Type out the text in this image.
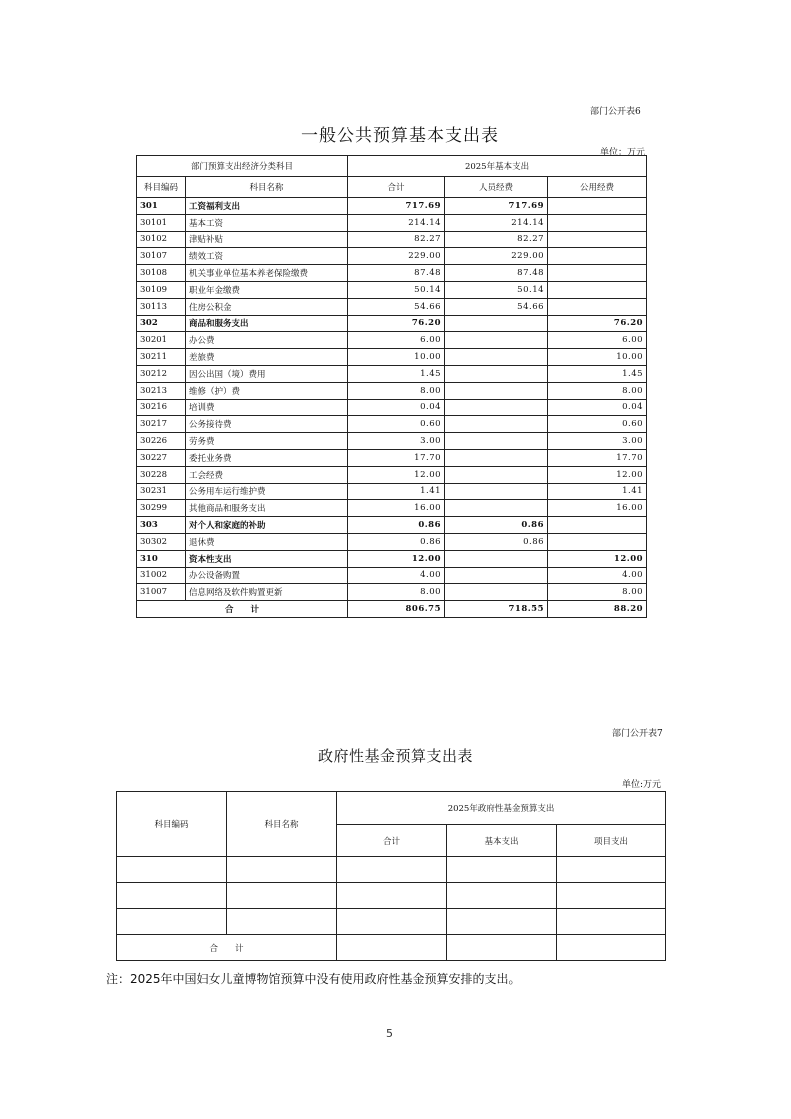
部门公开表6
一般公共预算基本支出表
单位：万元
部门预算支出经济分类科目		2025年基本支出		
科目编码	科目名称	合计	人员经费	公用经费
301	工资福利支出	717.69	717.69	
30101	基本工资	214.14	214.14	
30102	津贴补贴	82.27	82.27	
30107	绩效工资	229.00	229.00	
30108	机关事业单位基本养老保险缴费	87.48	87.48	
30109	职业年金缴费	50.14	50.14	
30113	住房公积金	54.66	54.66	
302	商品和服务支出	76.20		76.20
30201	办公费	6.00		6.00
30211	差旅费	10.00		10.00
30212	因公出国（境）费用	1.45		1.45
30213	维修（护）费	8.00		8.00
30216	培训费	0.04		0.04
30217	公务接待费	0.60		0.60
30226	劳务费	3.00		3.00
30227	委托业务费	17.70		17.70
30228	工会经费	12.00		12.00
30231	公务用车运行维护费	1.41		1.41
30299	其他商品和服务支出	16.00		16.00
303	对个人和家庭的补助	0.86	0.86	
30302	退休费	0.86	0.86	
310	资本性支出	12.00		12.00
31002	办公设备购置	4.00		4.00
31007	信息网络及软件购置更新	8.00		8.00
合　　计		806.75	718.55	88.20
部门公开表7
政府性基金预算支出表
单位:万元
科目编码	科目名称	2025年政府性基金预算支出		
		合计	基本支出	项目支出

合　　计				
注：2025年中国妇女儿童博物馆预算中没有使用政府性基金预算安排的支出。
5
